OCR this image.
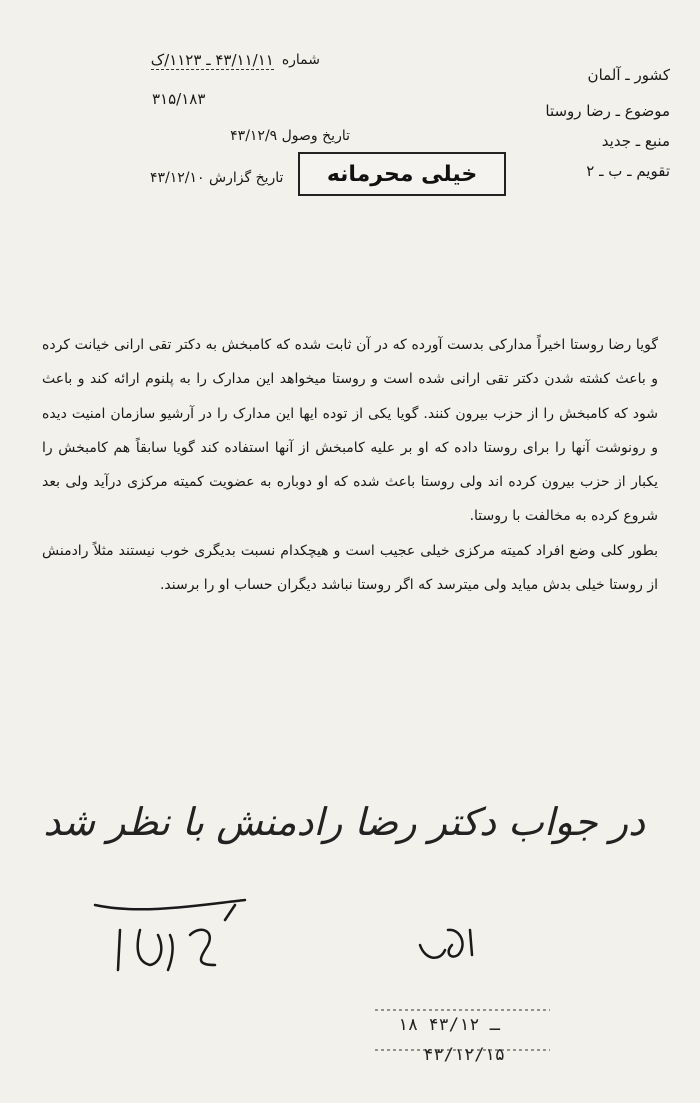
کشور ـ آلمان
موضوع ـ رضا روستا
منبع ـ جدید
تقویم ـ ب ـ ۲
شماره
۴۳/۱۱/۱۱ ـ ۱۱۲۳/ک
۳۱۵/۱۸۳
تاریخ وصول ۴۳/۱۲/۹
تاریخ گزارش ۴۳/۱۲/۱۰	خیلی محرمانه

گویا رضا روستا اخیراً مدارکی بدست آورده که در آن ثابت شده که کامبخش به دکتر تقی ارانی خیانت کرده و باعث کشته شدن دکتر تقی ارانی شده است و روستا میخواهد این مدارک را به پلنوم ارائه کند و باعث شود که کامبخش را از حزب بیرون کنند. گویا یکی از توده ایها این مدارک را در آرشیو سازمان امنیت دیده و رونوشت آنها را برای روستا داده که او بر علیه کامبخش از آنها استفاده کند گویا سابقاً هم کامبخش را یکبار از حزب بیرون کرده اند ولی روستا باعث شده که او دوباره به عضویت کمیته مرکزی درآید ولی بعد شروع کرده به مخالفت با روستا.

بطور کلی وضع افراد کمیته مرکزی خیلی عجیب است و هیچکدام نسبت بدیگری خوب نیستند مثلاً رادمنش از روستا خیلی بدش میاید ولی میترسد که اگر روستا نباشد دیگران حساب او را برسند.

در جواب دکتر رضا رادمنش با نظر شد
۱۲/۱
۱۸ ـ ۴۳/۱۲
۴۳/۱۲/۱۵
